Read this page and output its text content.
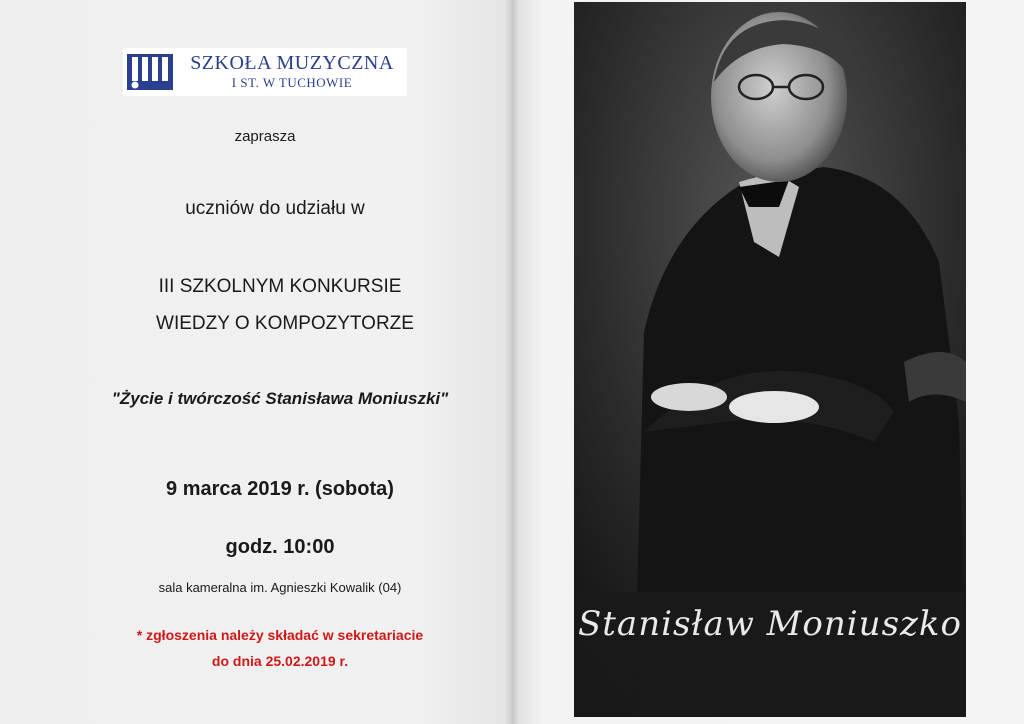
SZKOŁA MUZYCZNA
I ST. W TUCHOWIE
zaprasza
uczniów do udziału w
III SZKOLNYM KONKURSIE
WIEDZY O KOMPOZYTORZE
"Życie i twórczość Stanisława Moniuszki"
9 marca 2019 r. (sobota)
godz. 10:00
sala kameralna im. Agnieszki Kowalik (04)
* zgłoszenia należy składać w sekretariacie
do dnia 25.02.2019 r.
Stanisław Moniuszko
